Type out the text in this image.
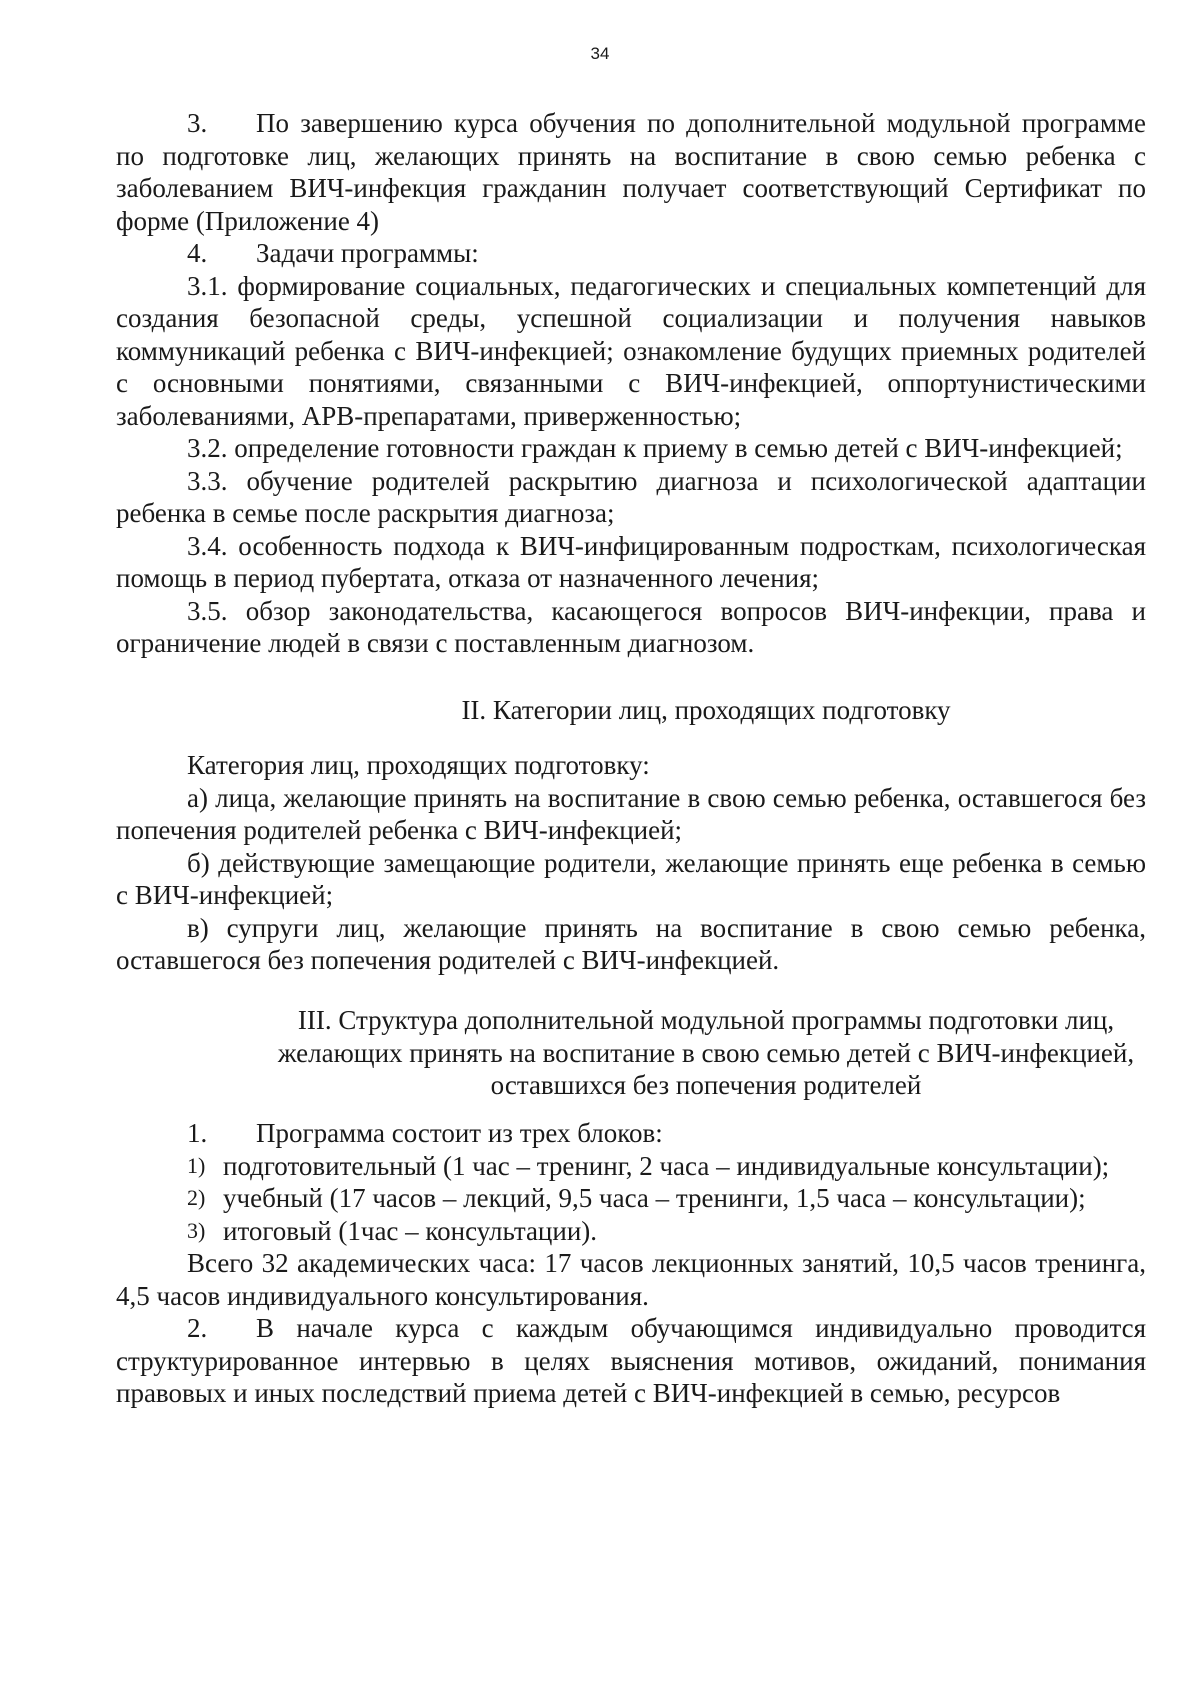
34

3. По завершению курса обучения по дополнительной модульной программе по подготовке лиц, желающих принять на воспитание в свою семью ребенка с заболеванием ВИЧ-инфекция гражданин получает соответствующий Сертификат по форме (Приложение 4)

4. Задачи программы:

3.1. формирование социальных, педагогических и специальных компетенций для создания безопасной среды, успешной социализации и получения навыков коммуникаций ребенка с ВИЧ-инфекцией; ознакомление будущих приемных родителей с основными понятиями, связанными с ВИЧ-инфекцией, оппортунистическими заболеваниями, АРВ-препаратами, приверженностью;

3.2. определение готовности граждан к приему в семью детей с ВИЧ-инфекцией;

3.3. обучение родителей раскрытию диагноза и психологической адаптации ребенка в семье после раскрытия диагноза;

3.4. особенность подхода к ВИЧ-инфицированным подросткам, психологическая помощь в период пубертата, отказа от назначенного лечения;

3.5. обзор законодательства, касающегося вопросов ВИЧ-инфекции, права и ограничение людей в связи с поставленным диагнозом.

II. Категории лиц, проходящих подготовку

Категория лиц, проходящих подготовку:

а) лица, желающие принять на воспитание в свою семью ребенка, оставшегося без попечения родителей ребенка с ВИЧ-инфекцией;

б) действующие замещающие родители, желающие принять еще ребенка в семью с ВИЧ-инфекцией;

в) супруги лиц, желающие принять на воспитание в свою семью ребенка, оставшегося без попечения родителей с ВИЧ-инфекцией.

III. Структура дополнительной модульной программы подготовки лиц,

желающих принять на воспитание в свою семью детей с ВИЧ-инфекцией,

оставшихся без попечения родителей

1. Программа состоит из трех блоков:

1) подготовительный (1 час – тренинг, 2 часа – индивидуальные консультации);

2) учебный (17 часов – лекций, 9,5 часа – тренинги, 1,5 часа – консультации);

3) итоговый (1час – консультации).

Всего 32 академических часа: 17 часов лекционных занятий, 10,5 часов тренинга, 4,5 часов индивидуального консультирования.

2. В начале курса с каждым обучающимся индивидуально проводится структурированное интервью в целях выяснения мотивов, ожиданий, понимания правовых и иных последствий приема детей с ВИЧ-инфекцией в семью, ресурсов
